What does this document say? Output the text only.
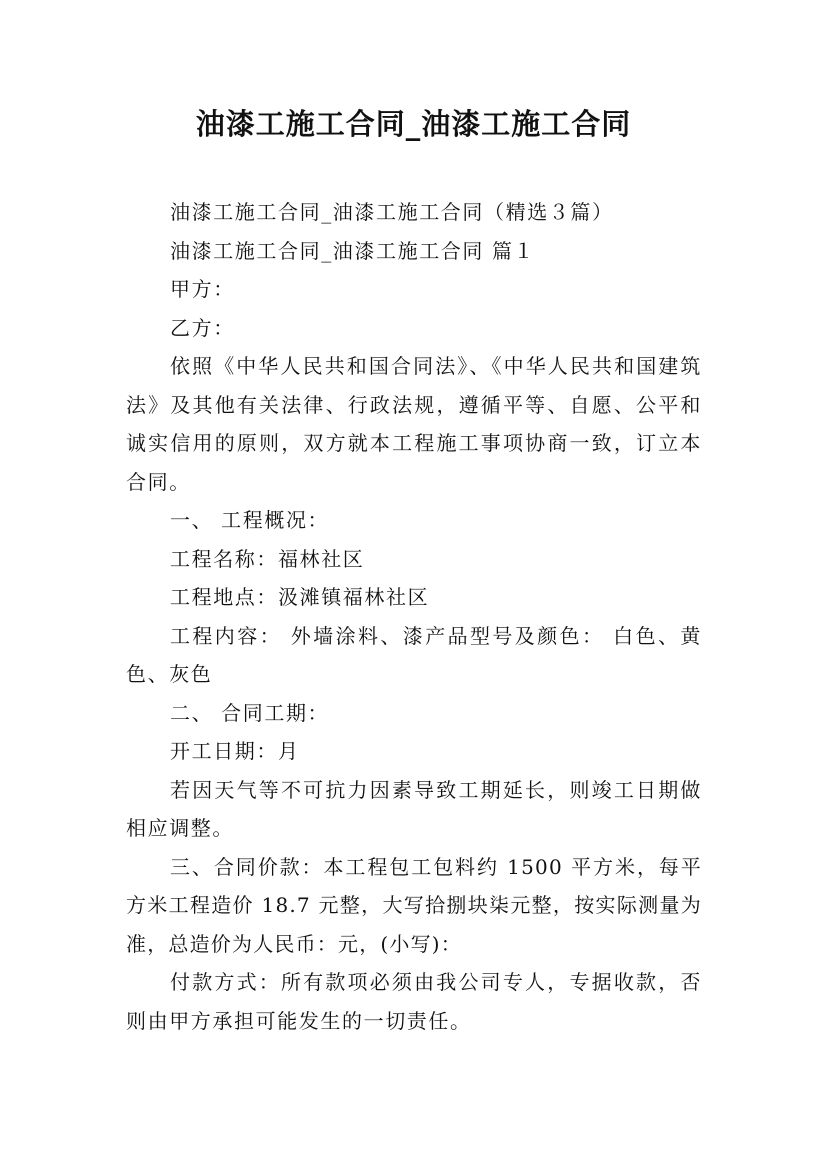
油漆工施工合同_油漆工施工合同

油漆工施工合同_油漆工施工合同（精选３篇）

油漆工施工合同_油漆工施工合同 篇１

甲方：

乙方：

依照《中华人民共和国合同法》、《中华人民共和国建筑法》及其他有关法律、行政法规，遵循平等、自愿、公平和诚实信用的原则，双方就本工程施工事项协商一致，订立本合同。

一、 工程概况：

工程名称：福林社区

工程地点：汲滩镇福林社区

工程内容： 外墙涂料、漆产品型号及颜色： 白色、黄色、灰色

二、 合同工期：

开工日期：月

若因天气等不可抗力因素导致工期延长，则竣工日期做相应调整。

三、合同价款：本工程包工包料约 1500 平方米，每平方米工程造价 18.7 元整，大写拾捌块柒元整，按实际测量为准，总造价为人民币：元，(小写)：

付款方式：所有款项必须由我公司专人，专据收款，否则由甲方承担可能发生的一切责任。
